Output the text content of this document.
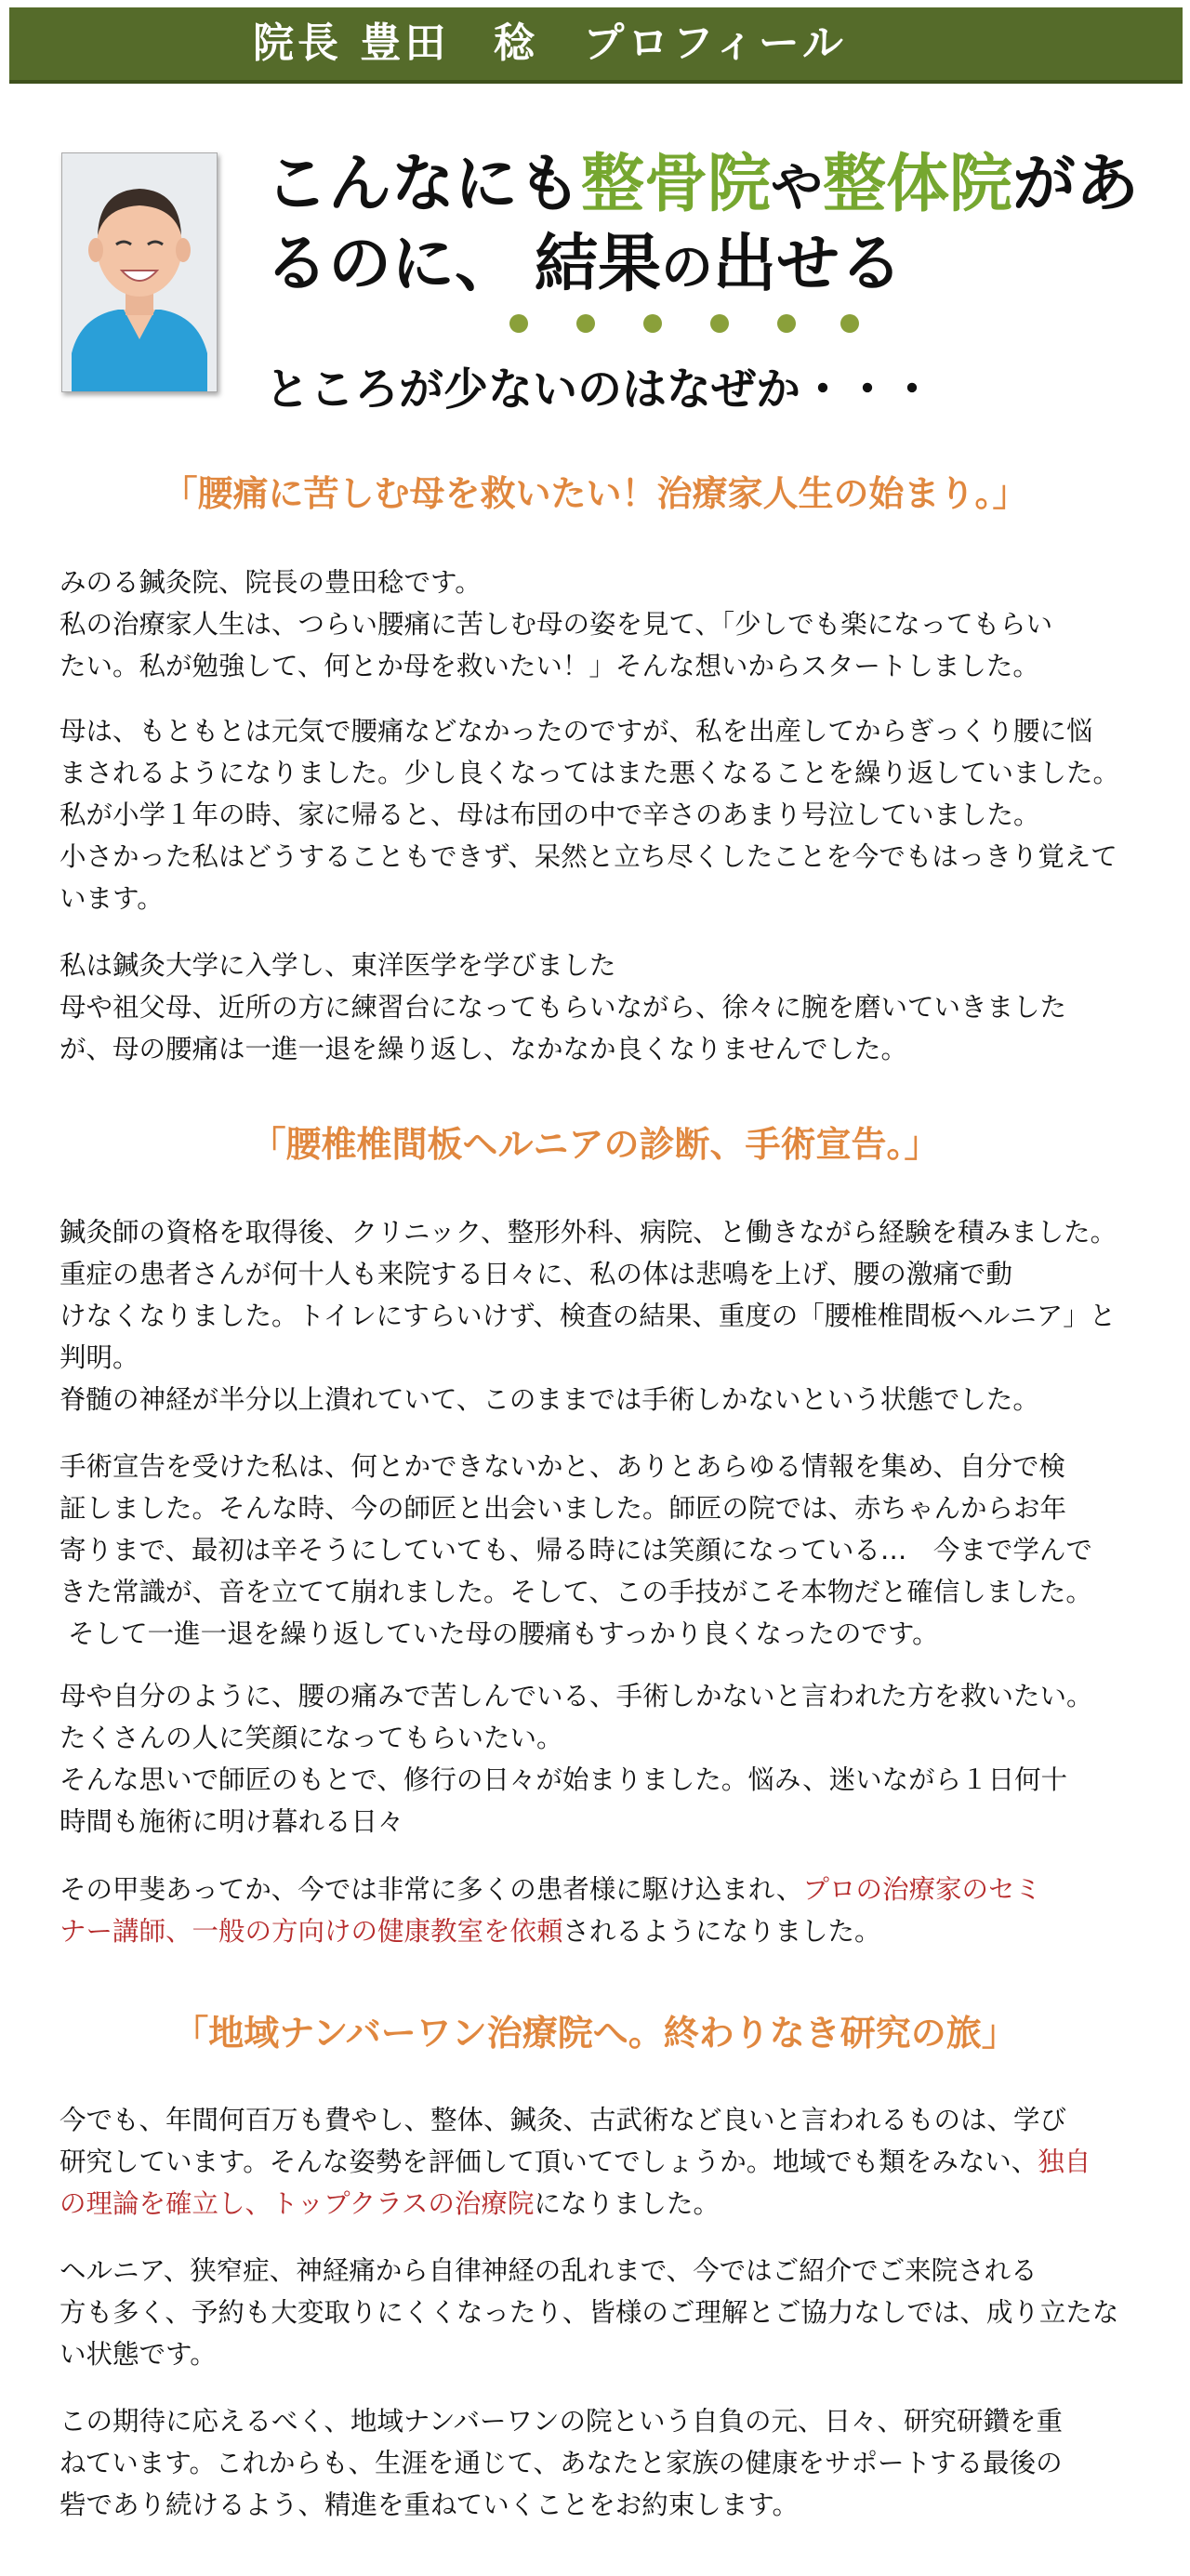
院長 豊田　稔　プロフィール
こんなにも整骨院や整体院があ
るのに、 結果の出せる
ところが少ないのはなぜか・・・
「腰痛に苦しむ母を救いたい！治療家人生の始まり。」
みのる鍼灸院、院長の豊田稔です。
私の治療家人生は、つらい腰痛に苦しむ母の姿を見て、「少しでも楽になってもらい
たい。私が勉強して、何とか母を救いたい！」そんな想いからスタートしました。
母は、もともとは元気で腰痛などなかったのですが、私を出産してからぎっくり腰に悩
まされるようになりました。少し良くなってはまた悪くなることを繰り返していました。
私が小学１年の時、家に帰ると、母は布団の中で辛さのあまり号泣していました。
小さかった私はどうすることもできず、呆然と立ち尽くしたことを今でもはっきり覚えて
います。
私は鍼灸大学に入学し、東洋医学を学びました
母や祖父母、近所の方に練習台になってもらいながら、徐々に腕を磨いていきました
が、母の腰痛は一進一退を繰り返し、なかなか良くなりませんでした。
「腰椎椎間板ヘルニアの診断、手術宣告。」
鍼灸師の資格を取得後、クリニック、整形外科、病院、と働きながら経験を積みました。
重症の患者さんが何十人も来院する日々に、私の体は悲鳴を上げ、腰の激痛で動
けなくなりました。トイレにすらいけず、検査の結果、重度の「腰椎椎間板ヘルニア」と
判明。
脊髄の神経が半分以上潰れていて、このままでは手術しかないという状態でした。
手術宣告を受けた私は、何とかできないかと、ありとあらゆる情報を集め、自分で検
証しました。そんな時、今の師匠と出会いました。師匠の院では、赤ちゃんからお年
寄りまで、最初は辛そうにしていても、帰る時には笑顔になっている…　今まで学んで
きた常識が、音を立てて崩れました。そして、この手技がこそ本物だと確信しました。
そして一進一退を繰り返していた母の腰痛もすっかり良くなったのです。
母や自分のように、腰の痛みで苦しんでいる、手術しかないと言われた方を救いたい。
たくさんの人に笑顔になってもらいたい。
そんな思いで師匠のもとで、修行の日々が始まりました。悩み、迷いながら１日何十
時間も施術に明け暮れる日々
その甲斐あってか、今では非常に多くの患者様に駆け込まれ、プロの治療家のセミ
ナー講師、一般の方向けの健康教室を依頼されるようになりました。
「地域ナンバーワン治療院へ。終わりなき研究の旅」
今でも、年間何百万も費やし、整体、鍼灸、古武術など良いと言われるものは、学び
研究しています。そんな姿勢を評価して頂いてでしょうか。地域でも類をみない、独自
の理論を確立し、トップクラスの治療院になりました。
ヘルニア、狭窄症、神経痛から自律神経の乱れまで、今ではご紹介でご来院される
方も多く、予約も大変取りにくくなったり、皆様のご理解とご協力なしでは、成り立たな
い状態です。
この期待に応えるべく、地域ナンバーワンの院という自負の元、日々、研究研鑽を重
ねています。これからも、生涯を通じて、あなたと家族の健康をサポートする最後の
砦であり続けるよう、精進を重ねていくことをお約束します。
